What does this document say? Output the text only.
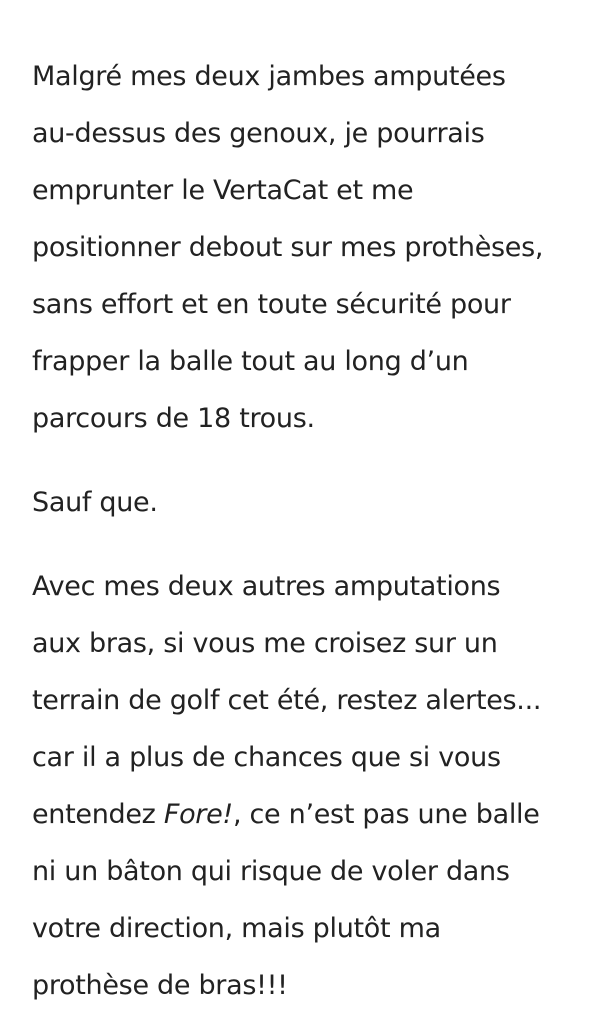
Malgré mes deux jambes amputées
au-dessus des genoux, je pourrais
emprunter le VertaCat et me
positionner debout sur mes prothèses,
sans effort et en toute sécurité pour
frapper la balle tout au long d’un
parcours de 18 trous.

Sauf que.

Avec mes deux autres amputations
aux bras, si vous me croisez sur un
terrain de golf cet été, restez alertes...
car il a plus de chances que si vous
entendez Fore!, ce n’est pas une balle
ni un bâton qui risque de voler dans
votre direction, mais plutôt ma
prothèse de bras!!!
